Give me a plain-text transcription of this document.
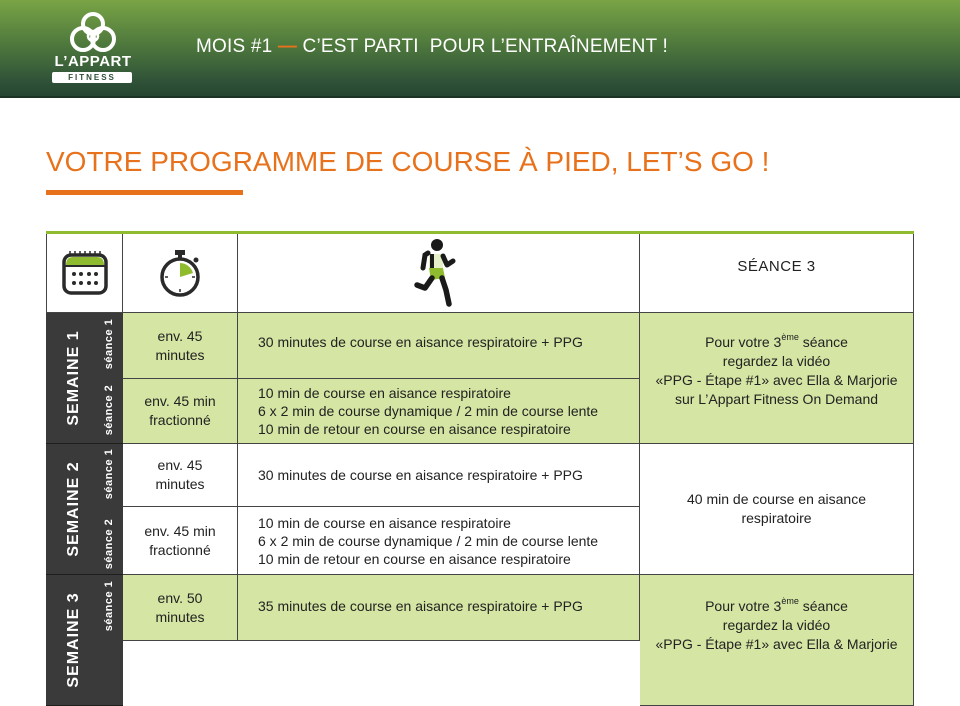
L’APPART
FITNESS
MOIS #1 — C’EST PARTI  POUR L’ENTRAÎNEMENT !
VOTRE PROGRAMME DE COURSE À PIED, LET’S GO !
SÉANCE 3
SEMAINE 1 séance 1
séance 2
env. 45
minutes
30 minutes de course en aisance respiratoire + PPG
env. 45 min
fractionné
10 min de course en aisance respiratoire
6 x 2 min de course dynamique / 2 min de course lente
10 min de retour en course en aisance respiratoire
Pour votre 3ème séance
regardez la vidéo
«PPG - Étape #1» avec Ella & Marjorie
sur L’Appart Fitness On Demand
SEMAINE 2 séance 1
séance 2
env. 45
minutes
30 minutes de course en aisance respiratoire + PPG
env. 45 min
fractionné
10 min de course en aisance respiratoire
6 x 2 min de course dynamique / 2 min de course lente
10 min de retour en course en aisance respiratoire
40 min de course en aisance
respiratoire
SEMAINE 3 séance 1	env. 50
minutes
35 minutes de course en aisance respiratoire + PPG	Pour votre 3ème séance
regardez la vidéo
«PPG - Étape #1» avec Ella & Marjorie
